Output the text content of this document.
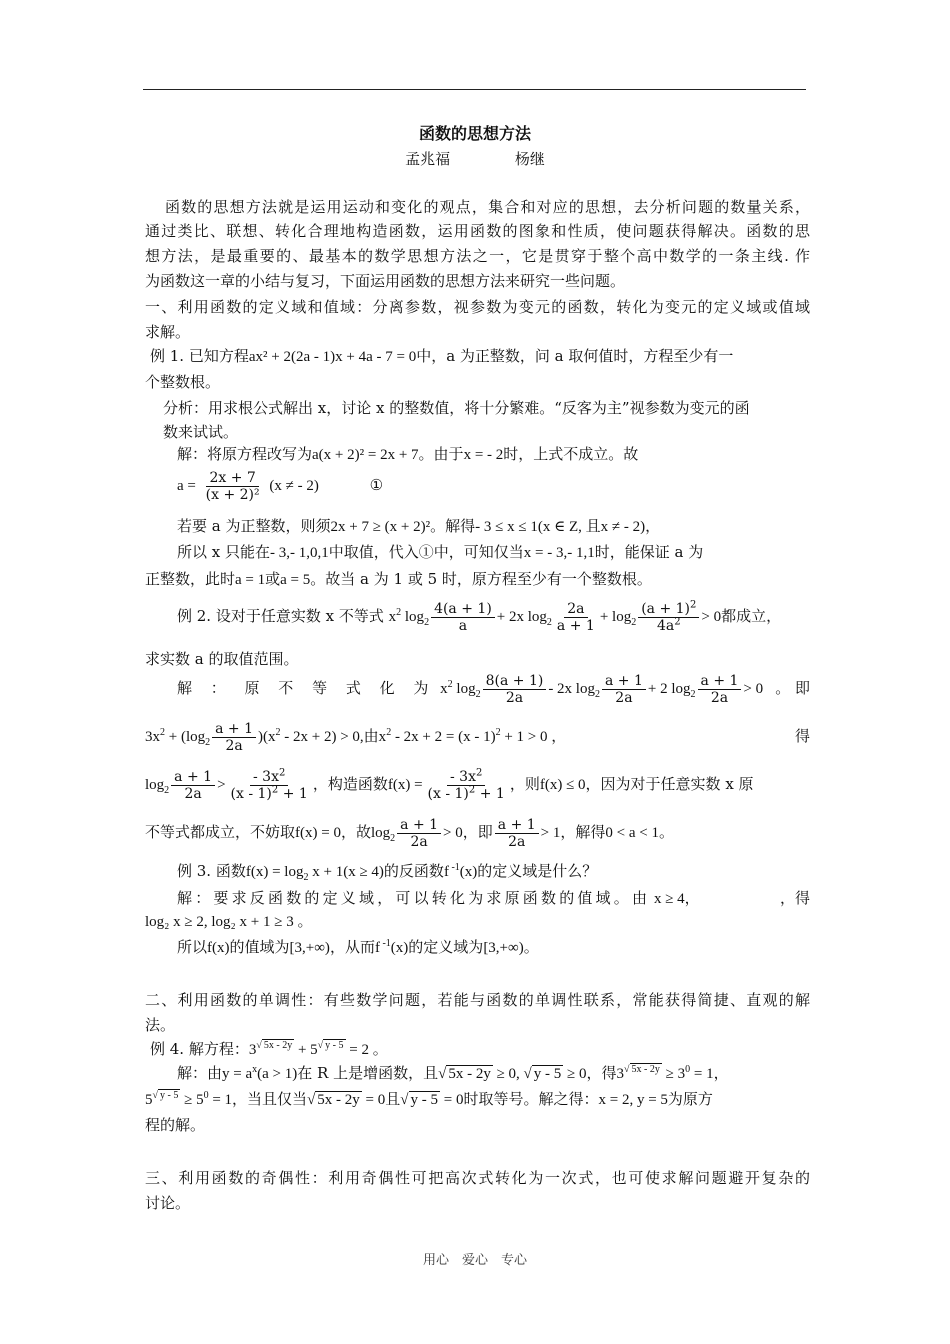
函数的思想方法
孟兆福	杨继
函数的思想方法就是运用运动和变化的观点，集合和对应的思想，去分析问题的数量关系，
通过类比、联想、转化合理地构造函数，运用函数的图象和性质，使问题获得解决。函数的思
想方法，是最重要的、最基本的数学思想方法之一，它是贯穿于整个高中数学的一条主线. 作
为函数这一章的小结与复习，下面运用函数的思想方法来研究一些问题。
一、利用函数的定义域和值域：分离参数，视参数为变元的函数，转化为变元的定义域或值域
求解。
例 1. 已知方程ax² + 2(2a - 1)x + 4a - 7 = 0中，a 为正整数，问 a 取何值时，方程至少有一
个整数根。
分析：用求根公式解出 x，讨论 x 的整数值，将十分繁难。“反客为主”视参数为变元的函
数来试试。
解：将原方程改写为a(x + 2)² = 2x + 7。由于x = - 2时，上式不成立。故
$a = \frac{2x + 7}{\text{(x + 2)²}} (x$ ≠ - 2)	①
若要 a 为正整数，则须2x + 7 ≥ (x + 2)²。解得- 3 ≤ x ≤ 1(x ∈ Z, 且x ≠ - 2)，
所以 x 只能在- 3,- 1,0,1中取值，代入①中，可知仅当x = - 3,- 1,1时，能保证 a 为
正整数，此时a = 1或a = 5。故当 a 为 1 或 5 时，原方程至少有一个整数根。
例 2. 设对于任意实数 x 不等式 $x^2$ $\log_2 \frac{4(a + 1)}{a} + 2x$ $\log_2 \frac{2a}{a + 1} + \log_2 \frac{(a + 1)^2}{4a^2} > 0$都成立，
求实数 a 的取值范围。
解 ： 原 不 等 式 化 为 $x^2$ $\log_2 \frac{8(a + 1)}{2a} - 2x$ $\log_2 \frac{a + 1}{2a} + 2$ $\log_2 \frac{a + 1}{2a} > 0$ 。 即
$3x^2 + (\log_2 \frac{a + 1}{2a} )(x^2 - 2x + 2) > 0$,由$x^2 - 2x + 2 = (x - 1)^2 + 1 > 0$ ，	得
$\log_2 \frac{a + 1}{2a} > \frac{- 3x^2}{(x - 1)^2 + 1}$ ，构造函数$f(x) = \frac{- 3x^2}{(x - 1)^2 + 1}$ ，则f(x) ≤ 0，因为对于任意实数 x 原
不等式都成立，不妨取f(x) = 0，故$\log_2 \frac{a + 1}{2a} > 0$，即 $\frac{a + 1}{2a} > 1$，解得0 < a < 1。
例 3. 函数$f(x) = \log_2 x + 1(x \ge 4)$的反函数f $^{-1}$(x)的定义域是什么？
解：要求反函数的定义域，可以转化为求原函数的值域。由 x ≥ 4，	，得
log₂ x ≥ 2, log₂ x + 1 ≥ 3 。
所以f(x)的值域为[3,+∞)，从而f $^{-1}$(x)的定义域为[3,+∞)。
二、利用函数的单调性：有些数学问题，若能与函数的单调性联系，常能获得简捷、直观的解
法。
例 4. 解方程：$3^{√ 5x - 2y} + 5^{√ y - 5} = 2$ 。
解：由$y = a^x(a > 1)$在 R 上是增函数，且√ 5x - 2y ≥ 0, √ y - 5 ≥ 0，得$3^{√ 5x - 2y} \ge 3^0 = 1$，
$5^{√ y - 5} \ge 5^0 = 1$，当且仅当√ 5x - 2y = 0且√ y - 5 = 0时取等号。解之得：x = 2, y = 5为原方
程的解。
三、利用函数的奇偶性：利用奇偶性可把高次式转化为一次式，也可使求解问题避开复杂的
讨论。
用心　爱心　专心
